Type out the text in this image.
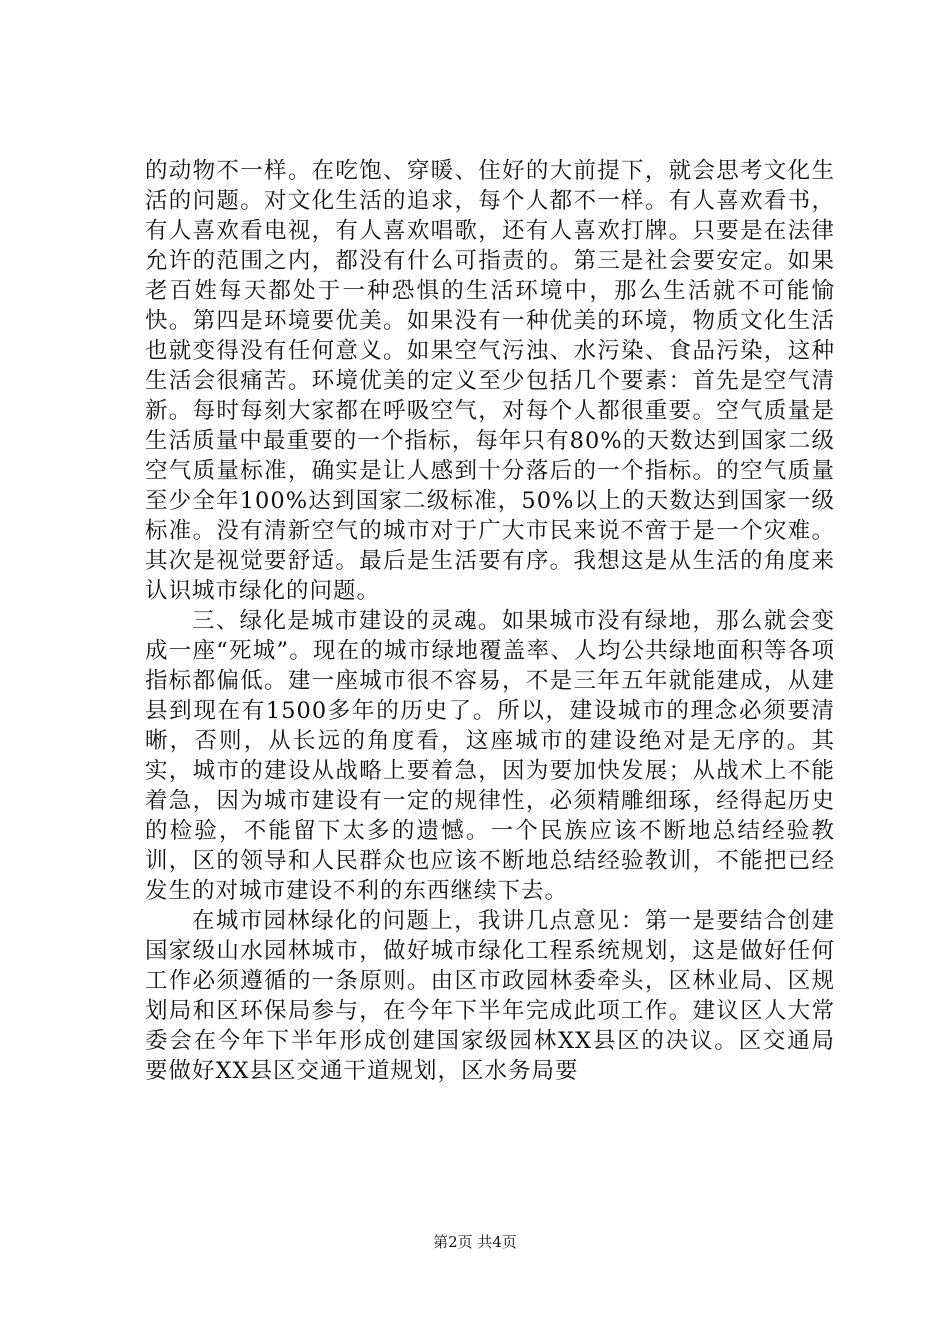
的动物不一样。在吃饱、穿暖、住好的大前提下，就会思考文化生活的问题。对文化生活的追求，每个人都不一样。有人喜欢看书，有人喜欢看电视，有人喜欢唱歌，还有人喜欢打牌。只要是在法律允许的范围之内，都没有什么可指责的。第三是社会要安定。如果老百姓每天都处于一种恐惧的生活环境中，那么生活就不可能愉快。第四是环境要优美。如果没有一种优美的环境，物质文化生活也就变得没有任何意义。如果空气污浊、水污染、食品污染，这种生活会很痛苦。环境优美的定义至少包括几个要素：首先是空气清新。每时每刻大家都在呼吸空气，对每个人都很重要。空气质量是生活质量中最重要的一个指标，每年只有80%的天数达到国家二级空气质量标准，确实是让人感到十分落后的一个指标。的空气质量至少全年100%达到国家二级标准，50%以上的天数达到国家一级标准。没有清新空气的城市对于广大市民来说不啻于是一个灾难。其次是视觉要舒适。最后是生活要有序。我想这是从生活的角度来认识城市绿化的问题。

三、绿化是城市建设的灵魂。如果城市没有绿地，那么就会变成一座“死城”。现在的城市绿地覆盖率、人均公共绿地面积等各项指标都偏低。建一座城市很不容易，不是三年五年就能建成，从建县到现在有1500多年的历史了。所以，建设城市的理念必须要清晰，否则，从长远的角度看，这座城市的建设绝对是无序的。其实，城市的建设从战略上要着急，因为要加快发展；从战术上不能着急，因为城市建设有一定的规律性，必须精雕细琢，经得起历史的检验，不能留下太多的遗憾。一个民族应该不断地总结经验教训，区的领导和人民群众也应该不断地总结经验教训，不能把已经发生的对城市建设不利的东西继续下去。

在城市园林绿化的问题上，我讲几点意见：第一是要结合创建国家级山水园林城市，做好城市绿化工程系统规划，这是做好任何工作必须遵循的一条原则。由区市政园林委牵头，区林业局、区规划局和区环保局参与，在今年下半年完成此项工作。建议区人大常委会在今年下半年形成创建国家级园林XX县区的决议。区交通局要做好XX县区交通干道规划，区水务局要

第2页 共4页
